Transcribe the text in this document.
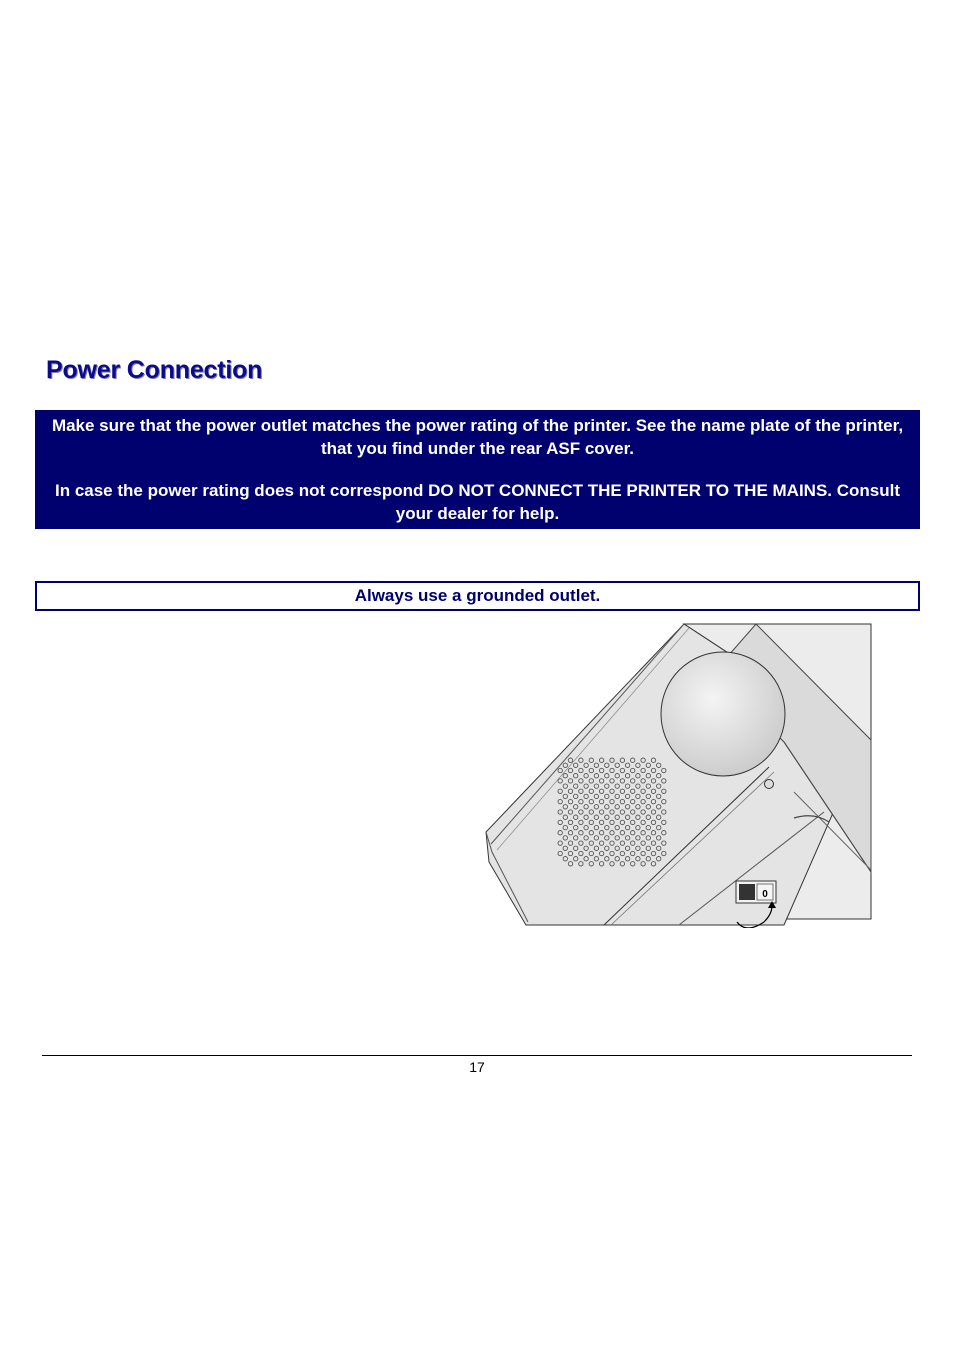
Power Connection

Make sure that the power outlet matches the power rating of the printer. See the name plate of the printer, that you find under the rear ASF cover.

In case the power rating does not correspond DO NOT CONNECT THE PRINTER TO THE MAINS. Consult your dealer for help.

Always use a grounded outlet.
0
17
